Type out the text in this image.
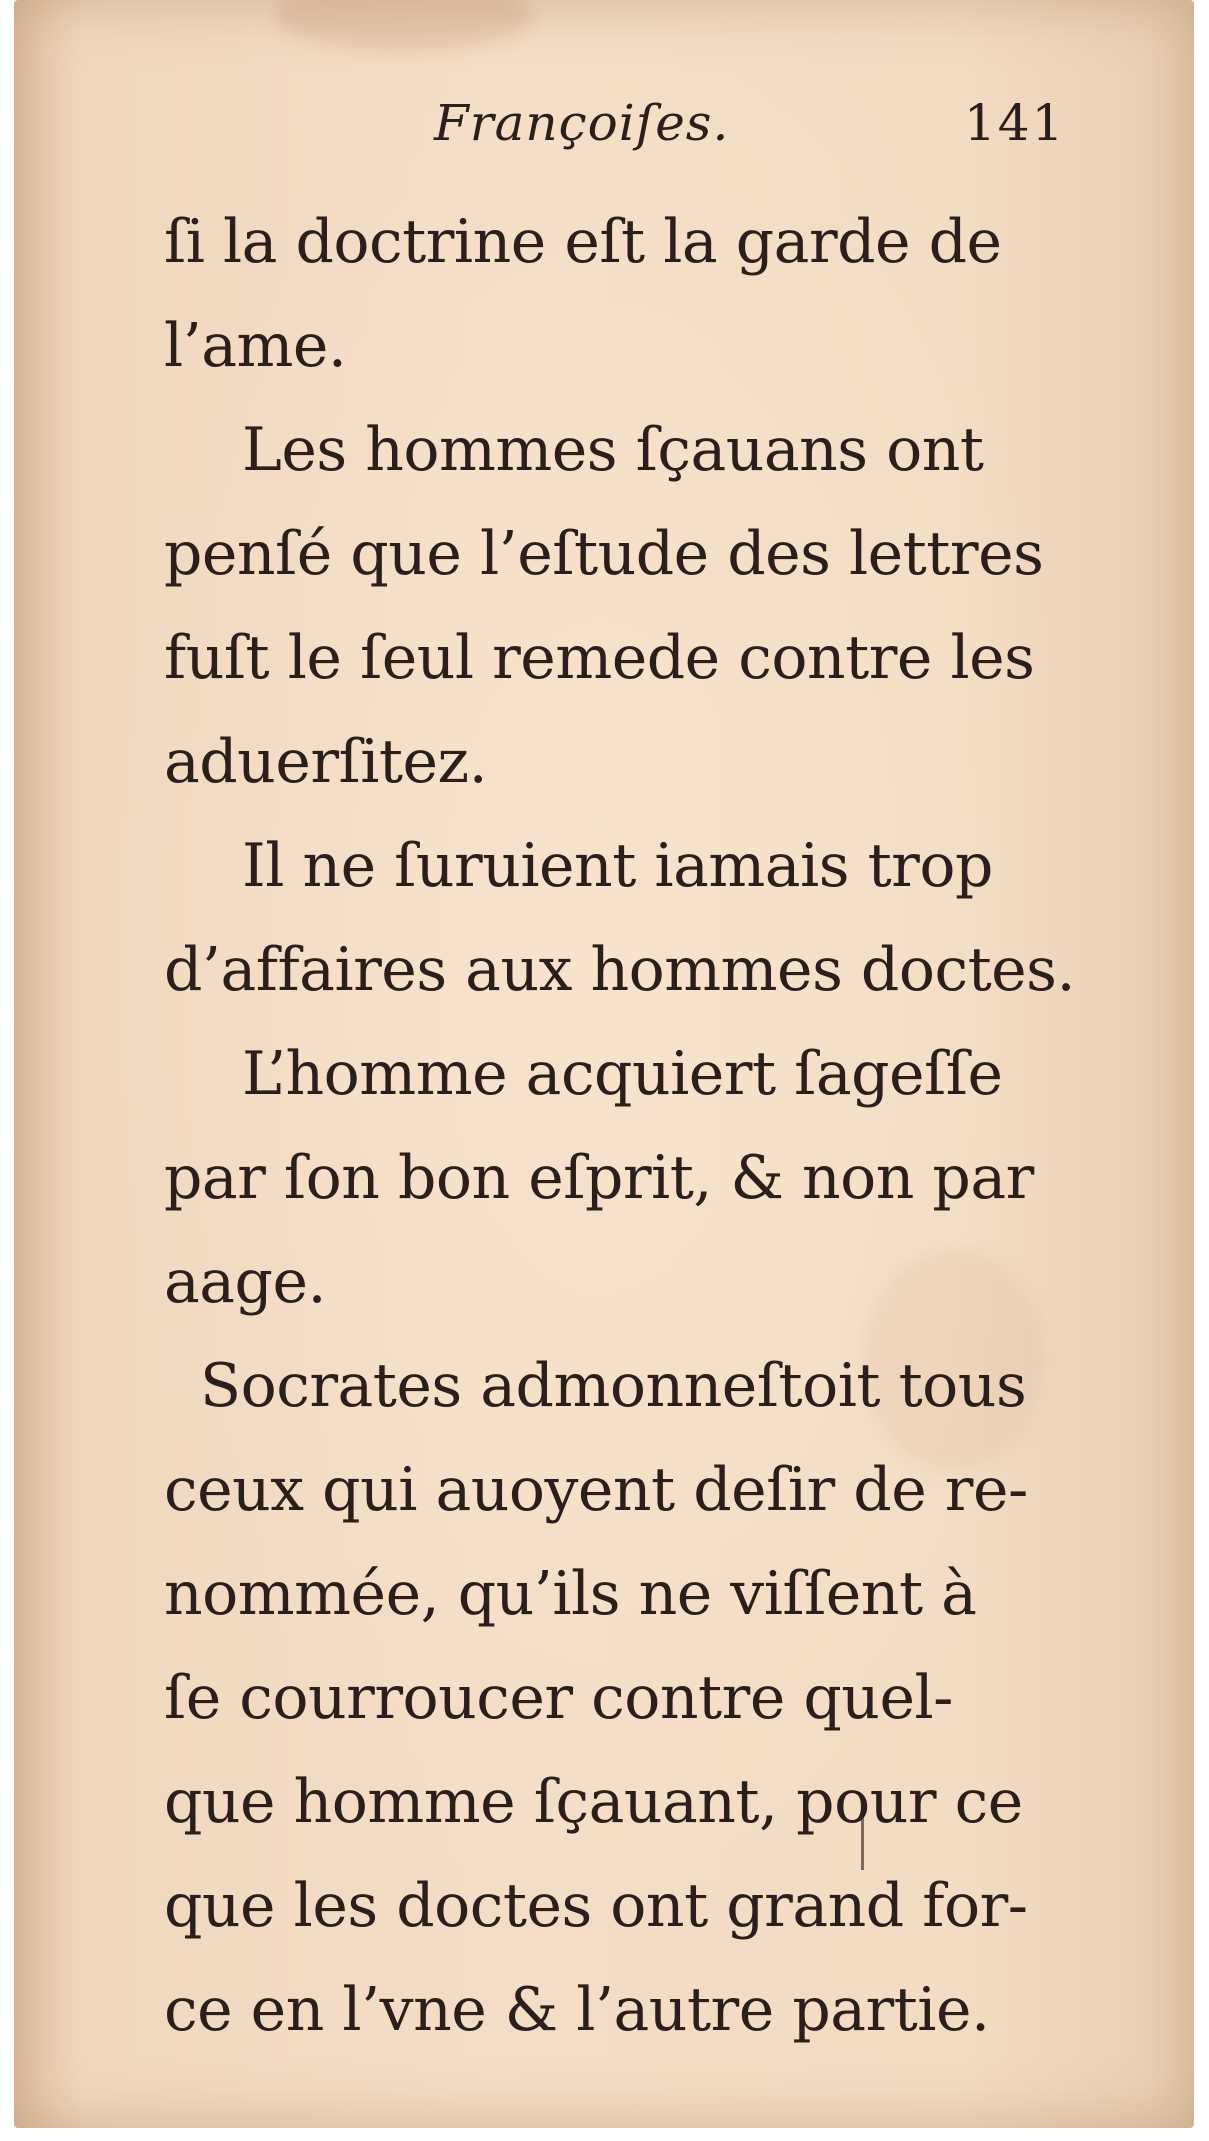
Françoiſes.	141
ſi la doctrine eſt la garde de
l’ame.
Les hommes ſçauans ont
penſé que l’eſtude des lettres
fuſt le ſeul remede contre les
aduerſitez.
Il ne ſuruient iamais trop
d’affaires aux hommes doctes.
L’homme acquiert ſageſſe
par ſon bon eſprit, & non par
aage.
Socrates admonneſtoit tous
ceux qui auoyent deſir de re-
nommée, qu’ils ne viſſent à
ſe courroucer contre quel-
que homme ſçauant, pour ce
que les doctes ont grand for-
ce en l’vne & l’autre partie.
